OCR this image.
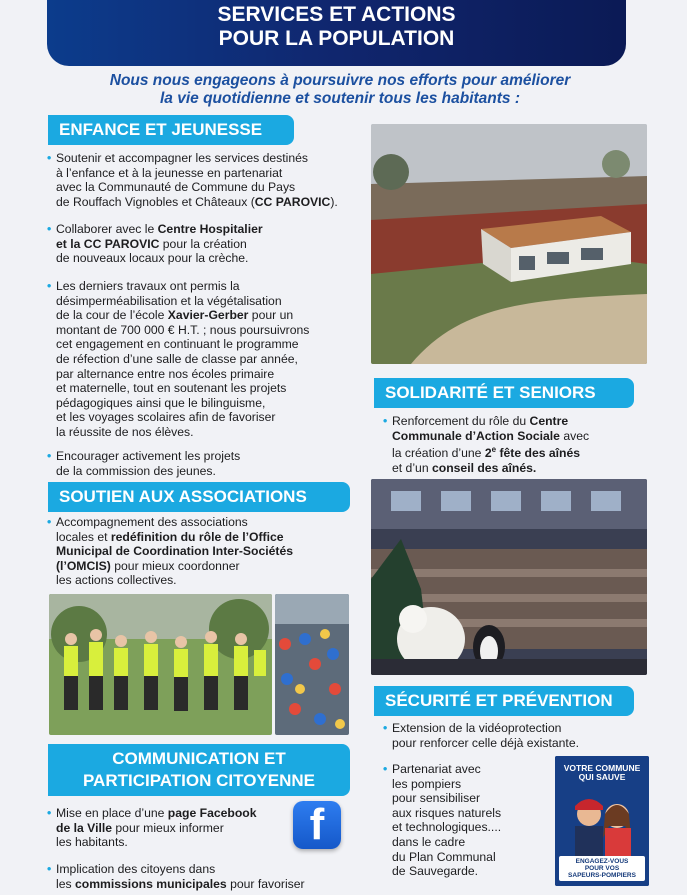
SERVICES ET ACTIONS
POUR LA POPULATION
Nous nous engageons à poursuivre nos efforts pour améliorer
la vie quotidienne et soutenir tous les habitants :
ENFANCE ET JEUNESSE
• Soutenir et accompagner les services destinés
à l’enfance et à la jeunesse en partenariat
avec la Communauté de Commune du Pays
de Rouffach Vignobles et Châteaux (CC PAROVIC).
• Collaborer avec le Centre Hospitalier
et la CC PAROVIC pour la création
de nouveaux locaux pour la crèche.
• Les derniers travaux ont permis la
désimperméabilisation et la végétalisation
de la cour de l’école Xavier-Gerber pour un
montant de 700 000 € H.T. ; nous poursuivrons
cet engagement en continuant le programme
de réfection d’une salle de classe par année,
par alternance entre nos écoles primaire
et maternelle, tout en soutenant les projets
pédagogiques ainsi que le bilinguisme,
et les voyages scolaires afin de favoriser
la réussite de nos élèves.
• Encourager activement les projets
de la commission des jeunes.
SOLIDARITÉ ET SENIORS
• Renforcement du rôle du Centre
Communale d’Action Sociale avec
la création d’une 2e fête des aînés
et d’un conseil des aînés.
SOUTIEN AUX ASSOCIATIONS
• Accompagnement des associations
locales et redéfinition du rôle de l’Office
Municipal de Coordination Inter-Sociétés
(l’OMCIS) pour mieux coordonner
les actions collectives.
COMMUNICATION ET
PARTICIPATION CITOYENNE
• Mise en place d’une page Facebook
de la Ville pour mieux informer
les habitants.	f
• Implication des citoyens dans
les commissions municipales pour favoriser
SÉCURITÉ ET PRÉVENTION
• Extension de la vidéoprotection
pour renforcer celle déjà existante.
• Partenariat avec
les pompiers
pour sensibiliser
aux risques naturels
et technologiques....
dans le cadre
du Plan Communal
de Sauvegarde.
VOTRE COMMUNE
QUI SAUVE
ENGAGEZ-VOUS
POUR VOS
SAPEURS-POMPIERS
